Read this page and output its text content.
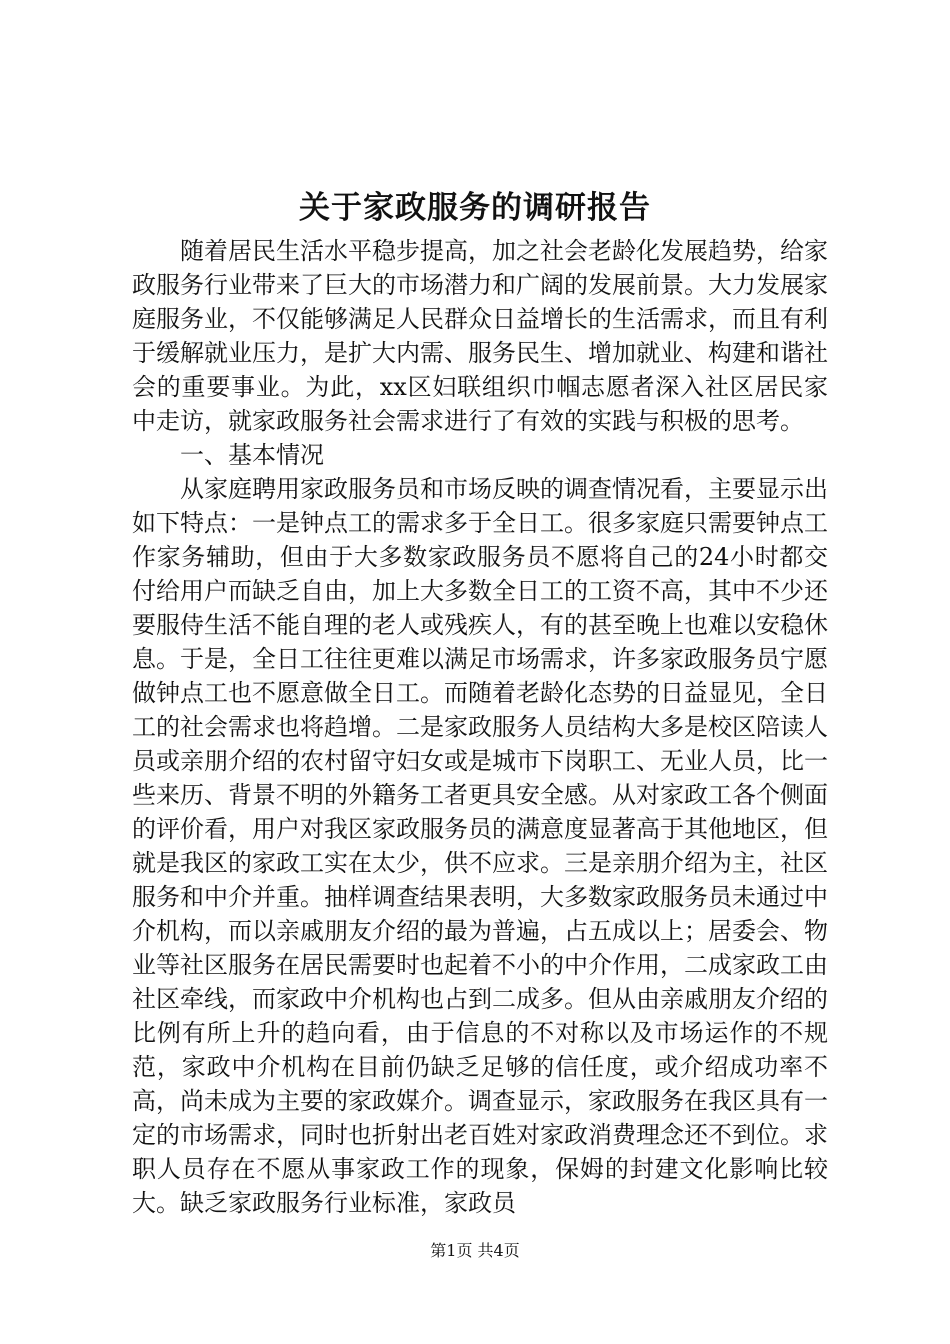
关于家政服务的调研报告

随着居民生活水平稳步提高，加之社会老龄化发展趋势，给家政服务行业带来了巨大的市场潜力和广阔的发展前景。大力发展家庭服务业，不仅能够满足人民群众日益增长的生活需求，而且有利于缓解就业压力，是扩大内需、服务民生、增加就业、构建和谐社会的重要事业。为此，xx区妇联组织巾帼志愿者深入社区居民家中走访，就家政服务社会需求进行了有效的实践与积极的思考。

一、基本情况

从家庭聘用家政服务员和市场反映的调查情况看，主要显示出如下特点：一是钟点工的需求多于全日工。很多家庭只需要钟点工作家务辅助，但由于大多数家政服务员不愿将自己的24小时都交付给用户而缺乏自由，加上大多数全日工的工资不高，其中不少还要服侍生活不能自理的老人或残疾人，有的甚至晚上也难以安稳休息。于是，全日工往往更难以满足市场需求，许多家政服务员宁愿做钟点工也不愿意做全日工。而随着老龄化态势的日益显见，全日工的社会需求也将趋增。二是家政服务人员结构大多是校区陪读人员或亲朋介绍的农村留守妇女或是城市下岗职工、无业人员，比一些来历、背景不明的外籍务工者更具安全感。从对家政工各个侧面的评价看，用户对我区家政服务员的满意度显著高于其他地区，但就是我区的家政工实在太少，供不应求。三是亲朋介绍为主，社区服务和中介并重。抽样调查结果表明，大多数家政服务员未通过中介机构，而以亲戚朋友介绍的最为普遍，占五成以上；居委会、物业等社区服务在居民需要时也起着不小的中介作用，二成家政工由社区牵线，而家政中介机构也占到二成多。但从由亲戚朋友介绍的比例有所上升的趋向看，由于信息的不对称以及市场运作的不规范，家政中介机构在目前仍缺乏足够的信任度，或介绍成功率不高，尚未成为主要的家政媒介。调查显示，家政服务在我区具有一定的市场需求，同时也折射出老百姓对家政消费理念还不到位。求职人员存在不愿从事家政工作的现象，保姆的封建文化影响比较大。缺乏家政服务行业标准，家政员

第1页 共4页
